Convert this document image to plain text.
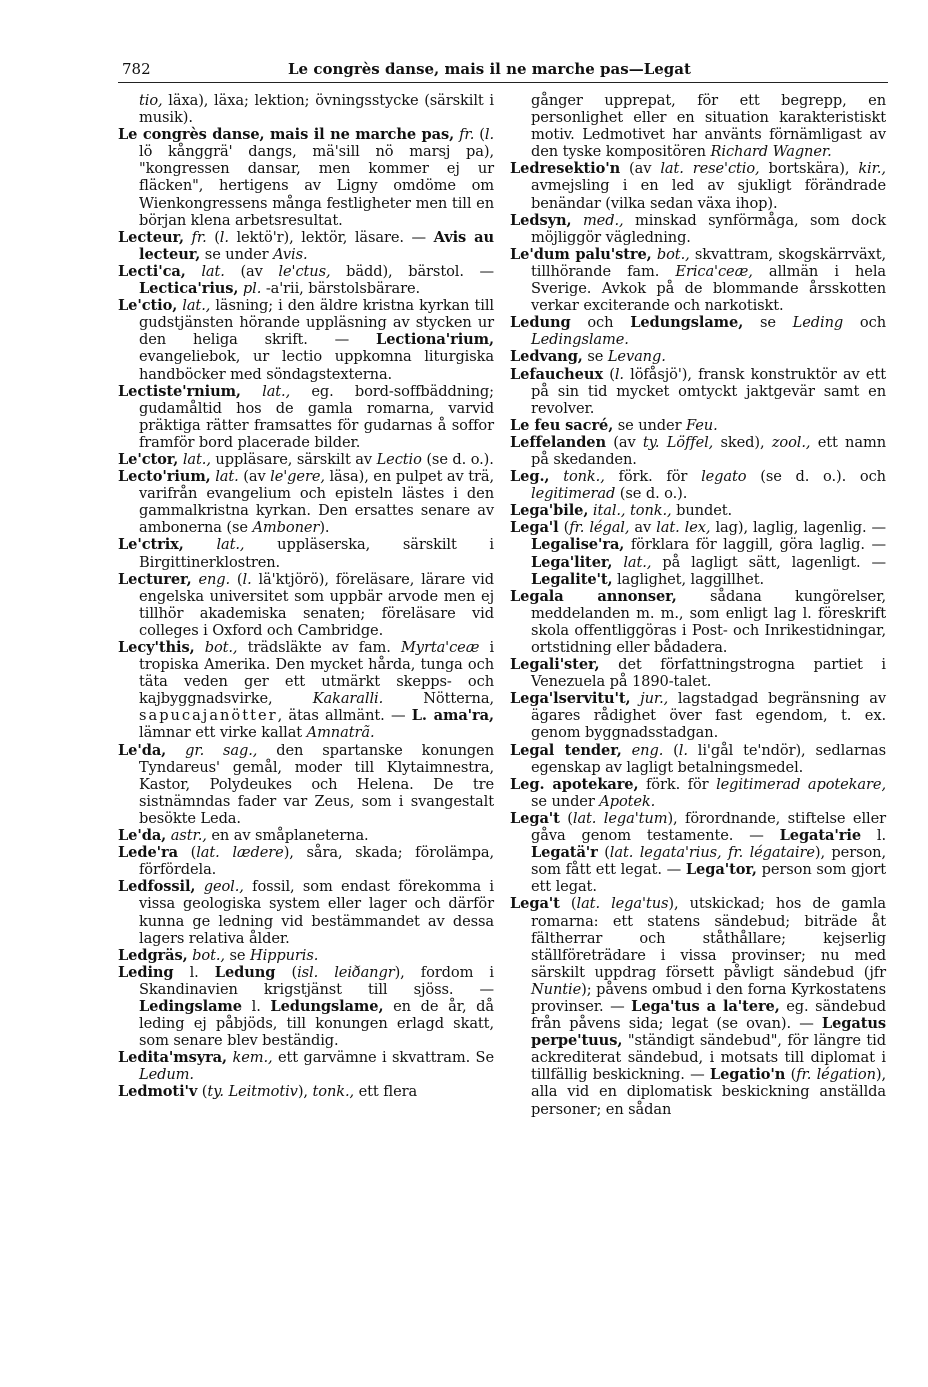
782	Le congrès danse, mais il ne marche pas—Legat

tio, läxa), läxa; lektion; övningsstycke (särskilt i musik).

Le congrès danse, mais il ne marche pas, fr. (l. lö kånggrä' dangs, mä'sill nö marsj pa), "kongressen dansar, men kommer ej ur fläcken", hertigens av Ligny omdöme om Wienkongressens många festligheter men till en början klena arbetsresultat.

Lecteur, fr. (l. lektö'r), lektör, läsare. — Avis au lecteur, se under Avis.

Lecti'ca, lat. (av le'ctus, bädd), bärstol. — Lectica'rius, pl. -a'rii, bärstolsbärare.

Le'ctio, lat., läsning; i den äldre kristna kyrkan till gudstjänsten hörande uppläsning av stycken ur den heliga skrift. — Lectiona'rium, evangeliebok, ur lectio uppkomna liturgiska handböcker med söndagstexterna.

Lectiste'rnium, lat., eg. bord-soffbäddning; gudamåltid hos de gamla romarna, varvid präktiga rätter framsattes för gudarnas å soffor framför bord placerade bilder.

Le'ctor, lat., uppläsare, särskilt av Lectio (se d. o.).

Lecto'rium, lat. (av le'gere, läsa), en pulpet av trä, varifrån evangelium och episteln lästes i den gammalkristna kyrkan. Den ersattes senare av ambonerna (se Amboner).

Le'ctrix, lat., uppläserska, särskilt i Birgittinerklostren.

Lecturer, eng. (l. lä'ktjörö), föreläsare, lärare vid engelska universitet som uppbär arvode men ej tillhör akademiska senaten; föreläsare vid colleges i Oxford och Cambridge.

Lecy'this, bot., trädsläkte av fam. Myrta'ceæ i tropiska Amerika. Den mycket hårda, tunga och täta veden ger ett utmärkt skepps- och kajbyggnadsvirke, Kakaralli. Nötterna, sapucajanötter, ätas allmänt. — L. ama'ra, lämnar ett virke kallat Amnatrã.

Le'da, gr. sag., den spartanske konungen Tyndareus' gemål, moder till Klytaimnestra, Kastor, Polydeukes och Helena. De tre sistnämndas fader var Zeus, som i svangestalt besökte Leda.

Le'da, astr., en av småplaneterna.

Lede'ra (lat. lædere), såra, skada; förolämpa, förfördela.

Ledfossil, geol., fossil, som endast förekomma i vissa geologiska system eller lager och därför kunna ge ledning vid bestämmandet av dessa lagers relativa ålder.

Ledgräs, bot., se Hippuris.

Leding l. Ledung (isl. leiðangr), fordom i Skandinavien krigstjänst till sjöss. — Ledingslame l. Ledungslame, en de år, då leding ej påbjöds, till konungen erlagd skatt, som senare blev beständig.

Ledita'msyra, kem., ett garvämne i skvattram. Se Ledum.

Ledmoti'v (ty. Leitmotiv), tonk., ett flera

gånger upprepat, för ett begrepp, en personlighet eller en situation karakteristiskt motiv. Ledmotivet har använts förnämligast av den tyske kompositören Richard Wagner.

Ledresektio'n (av lat. rese'ctio, bortskära), kir., avmejsling i en led av sjukligt förändrade benändar (vilka sedan växa ihop).

Ledsyn, med., minskad synförmåga, som dock möjliggör vägledning.

Le'dum palu'stre, bot., skvattram, skogskärrväxt, tillhörande fam. Erica'ceæ, allmän i hela Sverige. Avkok på de blommande årsskotten verkar exciterande och narkotiskt.

Ledung och Ledungslame, se Leding och Ledingslame.

Ledvang, se Levang.

Lefaucheux (l. löfåsjö'), fransk konstruktör av ett på sin tid mycket omtyckt jaktgevär samt en revolver.

Le feu sacré, se under Feu.

Leffelanden (av ty. Löffel, sked), zool., ett namn på skedanden.

Leg., tonk., förk. för legato (se d. o.). och legitimerad (se d. o.).

Lega'bile, ital., tonk., bundet.

Lega'l (fr. légal, av lat. lex, lag), laglig, lagenlig. — Legalise'ra, förklara för laggill, göra laglig. — Lega'liter, lat., på lagligt sätt, lagenligt. — Legalite't, laglighet, laggillhet.

Legala annonser, sådana kungörelser, meddelanden m. m., som enligt lag l. föreskrift skola offentliggöras i Post- och Inrikestidningar, ortstidning eller bådadera.

Legali'ster, det författningstrogna partiet i Venezuela på 1890-talet.

Lega'lservitu't, jur., lagstadgad begränsning av ägares rådighet över fast egendom, t. ex. genom byggnadsstadgan.

Legal tender, eng. (l. li'gål te'ndör), sedlarnas egenskap av lagligt betalningsmedel.

Leg. apotekare, förk. för legitimerad apotekare, se under Apotek.

Lega't (lat. lega'tum), förordnande, stiftelse eller gåva genom testamente. — Legata'rie l. Legatä'r (lat. legata'rius, fr. légataire), person, som fått ett legat. — Lega'tor, person som gjort ett legat.

Lega't (lat. lega'tus), utskickad; hos de gamla romarna: ett statens sändebud; biträde åt fältherrar och ståthållare; kejserlig ställföreträdare i vissa provinser; nu med särskilt uppdrag försett påvligt sändebud (jfr Nuntie); påvens ombud i den forna Kyrkostatens provinser. — Lega'tus a la'tere, eg. sändebud från påvens sida; legat (se ovan). — Legatus perpe'tuus, "ständigt sändebud", för längre tid ackrediterat sändebud, i motsats till diplomat i tillfällig beskickning. — Legatio'n (fr. légation), alla vid en diplomatisk beskickning anställda personer; en sådan
